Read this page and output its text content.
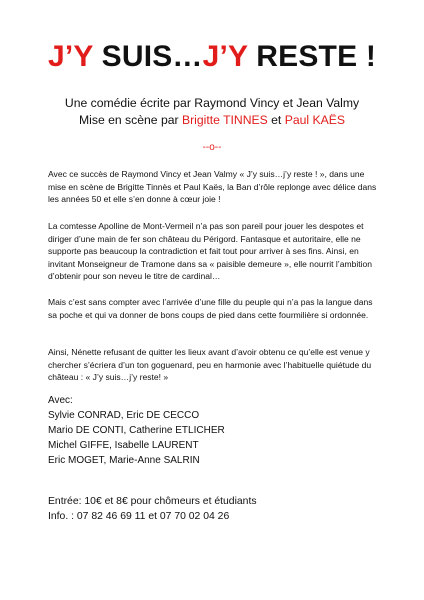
J’Y SUIS…J’Y RESTE !
Une comédie écrite par Raymond Vincy et Jean Valmy
Mise en scène par Brigitte TINNES et Paul KAËS
--o--
Avec ce succès de Raymond Vincy et Jean Valmy « J’y suis…j’y reste ! », dans une mise en scène de Brigitte Tinnès et Paul Kaës, la Ban d’rôle replonge avec délice dans les années 50 et elle s’en donne à cœur joie !
La comtesse Apolline de Mont-Vermeil n’a pas son pareil pour jouer les despotes et diriger d’une main de fer son château du Périgord. Fantasque et autoritaire, elle ne supporte pas beaucoup la contradiction et fait tout pour arriver à ses fins. Ainsi, en invitant Monseigneur de Tramone dans sa « paisible demeure », elle nourrit l’ambition d’obtenir pour son neveu le titre de cardinal…
Mais c’est sans compter avec l’arrivée d’une fille du peuple qui n’a pas la langue dans sa poche et qui va donner de bons coups de pied dans cette fourmilière si ordonnée.
Ainsi, Nénette refusant de quitter les lieux avant d’avoir obtenu ce qu’elle est venue y chercher s’écriera d’un ton goguenard, peu en harmonie avec l’habituelle quiétude du château : « J’y suis…j’y reste! »
Avec:
Sylvie CONRAD, Eric DE CECCO
Mario DE CONTI, Catherine ETLICHER
Michel GIFFE, Isabelle LAURENT
Eric MOGET, Marie-Anne SALRIN
Entrée: 10€ et 8€ pour chômeurs et étudiants
Info. : 07 82 46 69 11 et 07 70 02 04 26
